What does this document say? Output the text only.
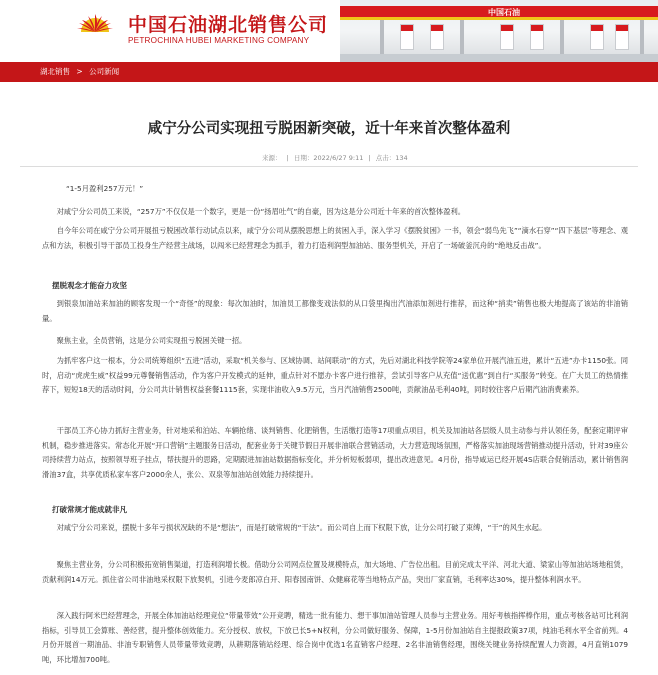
中国石油湖北销售公司
PETROCHINA HUBEI MARKETING COMPANY
中国石油
湖北销售 > 公司新闻
咸宁分公司实现扭亏脱困新突破，近十年来首次整体盈利
来源： | 日期：2022/6/27 9:11 | 点击：134
“1-5月盈利257万元！”
对咸宁分公司员工来说，“257万”不仅仅是一个数字，更是一份“扬眉吐气”的自豪，因为这是分公司近十年来的首次整体盈利。
自今年公司在咸宁分公司开展扭亏脱困改革行动试点以来，咸宁分公司从摆脱思想上的贫困入手，深入学习《摆脱贫困》一书，领会“弱鸟先飞”“滴水石穿”“四下基层”等理念、观点和方法，积极引导干部员工投身生产经营主战场，以闯米已经营理念为抓手，着力打造利润型加油站、服务型机关，开启了一场破釜沉舟的“绝地反击战”。
摆脱观念才能奋力攻坚
到银泉加油站来加油的顾客发现一个“奇怪”的现象：每次加油时，加油员工都像变戏法似的从口袋里掏出汽油添加剂进行推荐，而这种“捎卖”销售也极大地提高了该站的非油销量。
聚焦主业，全员营销，这是分公司实现扭亏脱困关键一招。
为抓牢客户这一根本，分公司统筹组织“五进”活动，采取“机关参与、区域协调、站间联动”的方式，先后对湖北科技学院等24家单位开展汽油五进，累计“五进”办卡1150张。同时，启动“虎虎生威”权益99元尊餐销售活动，作为客户开发模式的延伸，重点针对不愿办卡客户进行推荐，尝试引导客户从充值“送优惠”到自行“买服务”转变。在广大员工的热情推荐下，短短18天的活动时间，分公司共计销售权益套餐1115套，实现非油收入9.5万元，当月汽油销售2500吨，贡献油品毛利40吨，同时较往客户后期汽油消费素养。
干部员工齐心协力抓好主营业务，针对地采和泊站、车辆抢绪、谈判销售、化肥销售，生活缴打造等17项重点项目，机关及加油站各层级人员主动参与并认领任务，配套定期评审机制，稳步推进落实。常态化开展“开口营销”主题服务日活动，配套业务于关键节假日开展非油联合营销活动，大力营造现场氛围，严格落实加油现场营销推动提升活动，针对39座公司持续营力站点，按照领导班子挂点，帮扶提升的思路，定期跟进加油站数据指标变化，并分析短板弱项，提出改进意见。4月份，指导咸运已经开展4S店联合促销活动，累计销售润滑油37盒，共享优质私家车客户2000余人，张公、双泉等加油站创效能力持续提升。
打破常规才能成就非凡
对咸宁分公司来说，摆脱十多年亏损状况缺的不是“想法”，而是打破常规的“干法”。而公司自上而下权限下放，让分公司打破了束缚，“干”的风生水起。
聚焦主营业务，分公司积极拓宽销售渠道，打造利润增长极。借助分公司网点位置及规模特点，加大场地、广告位出租。目前完成太平洋、河北大道、梁家山等加油站场地租赁，贡献利润14万元。抓住省公司非油地采权限下放契机，引进今麦郎凉白开、阳春园南饼、众健麻花等当地特点产品，突出厂家直销，毛利率达30%，提升整体利润水平。
深入践行阿米巴经营理念，开展全体加油站经理竞位“带量带效”公开竞聘，精选一批有能力、想干事加油站管理人员参与主营业务。用好考核指挥棒作用，重点考核各站可比利润指标，引导员工会算账、善经营，提升整体创效能力。充分授权、放权，下放已长5+N权利，分公司做好服务、保障，1-5月份加油站自主提报政策37项，纯油毛利水平全省前列。4月份开展首一期油品、非油专职销售人员带量带效竞聘，从耕期落销站经理、综合岗中优选1名直销客户经理、2名非油销售经理，围绕关键业务持续配置人力资源，4月直销1079吨，环比增加700吨。
